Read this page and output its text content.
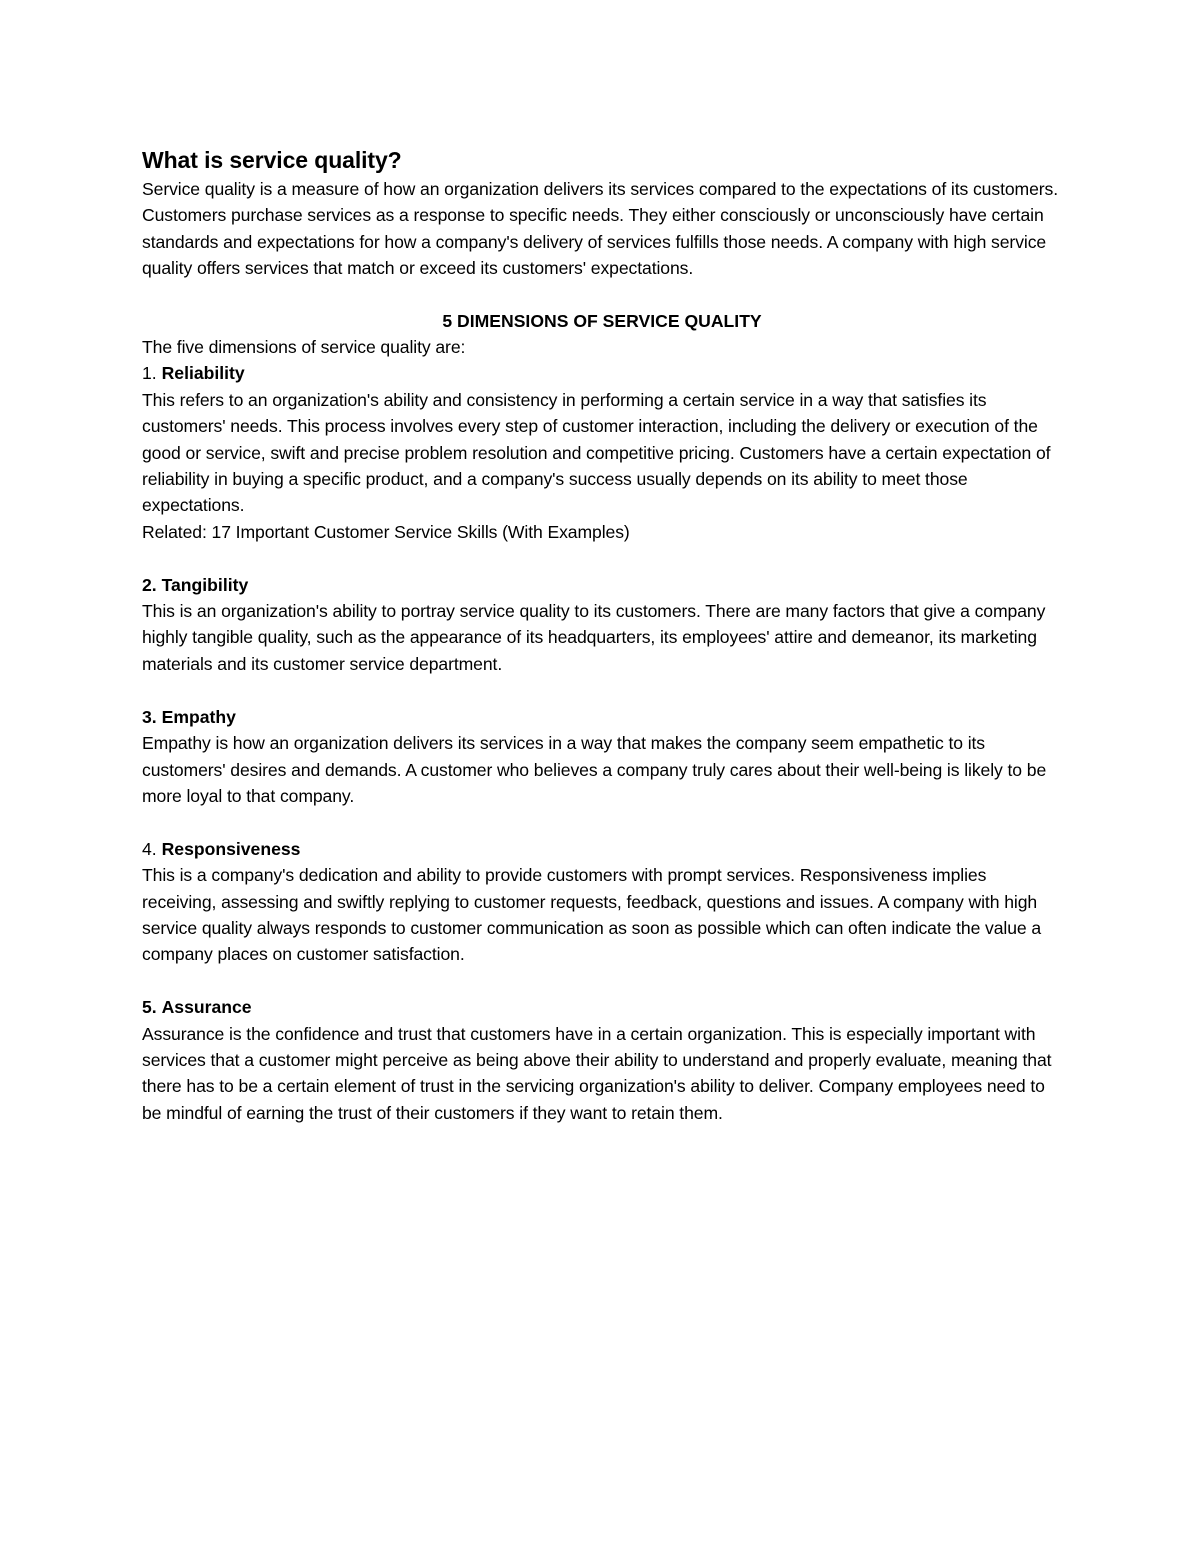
What is service quality?

Service quality is a measure of how an organization delivers its services compared to the expectations of its customers. Customers purchase services as a response to specific needs. They either consciously or unconsciously have certain standards and expectations for how a company's delivery of services fulfills those needs. A company with high service quality offers services that match or exceed its customers' expectations.

5 DIMENSIONS OF SERVICE QUALITY

The five dimensions of service quality are:

1. Reliability

This refers to an organization's ability and consistency in performing a certain service in a way that satisfies its customers' needs. This process involves every step of customer interaction, including the delivery or execution of the good or service, swift and precise problem resolution and competitive pricing. Customers have a certain expectation of reliability in buying a specific product, and a company's success usually depends on its ability to meet those expectations.

Related: 17 Important Customer Service Skills (With Examples)

2. Tangibility

This is an organization's ability to portray service quality to its customers. There are many factors that give a company highly tangible quality, such as the appearance of its headquarters, its employees' attire and demeanor, its marketing materials and its customer service department.

3. Empathy

Empathy is how an organization delivers its services in a way that makes the company seem empathetic to its customers' desires and demands. A customer who believes a company truly cares about their well-being is likely to be more loyal to that company.

4. Responsiveness

This is a company's dedication and ability to provide customers with prompt services. Responsiveness implies receiving, assessing and swiftly replying to customer requests, feedback, questions and issues. A company with high service quality always responds to customer communication as soon as possible which can often indicate the value a company places on customer satisfaction.

5. Assurance

Assurance is the confidence and trust that customers have in a certain organization. This is especially important with services that a customer might perceive as being above their ability to understand and properly evaluate, meaning that there has to be a certain element of trust in the servicing organization's ability to deliver. Company employees need to be mindful of earning the trust of their customers if they want to retain them.
